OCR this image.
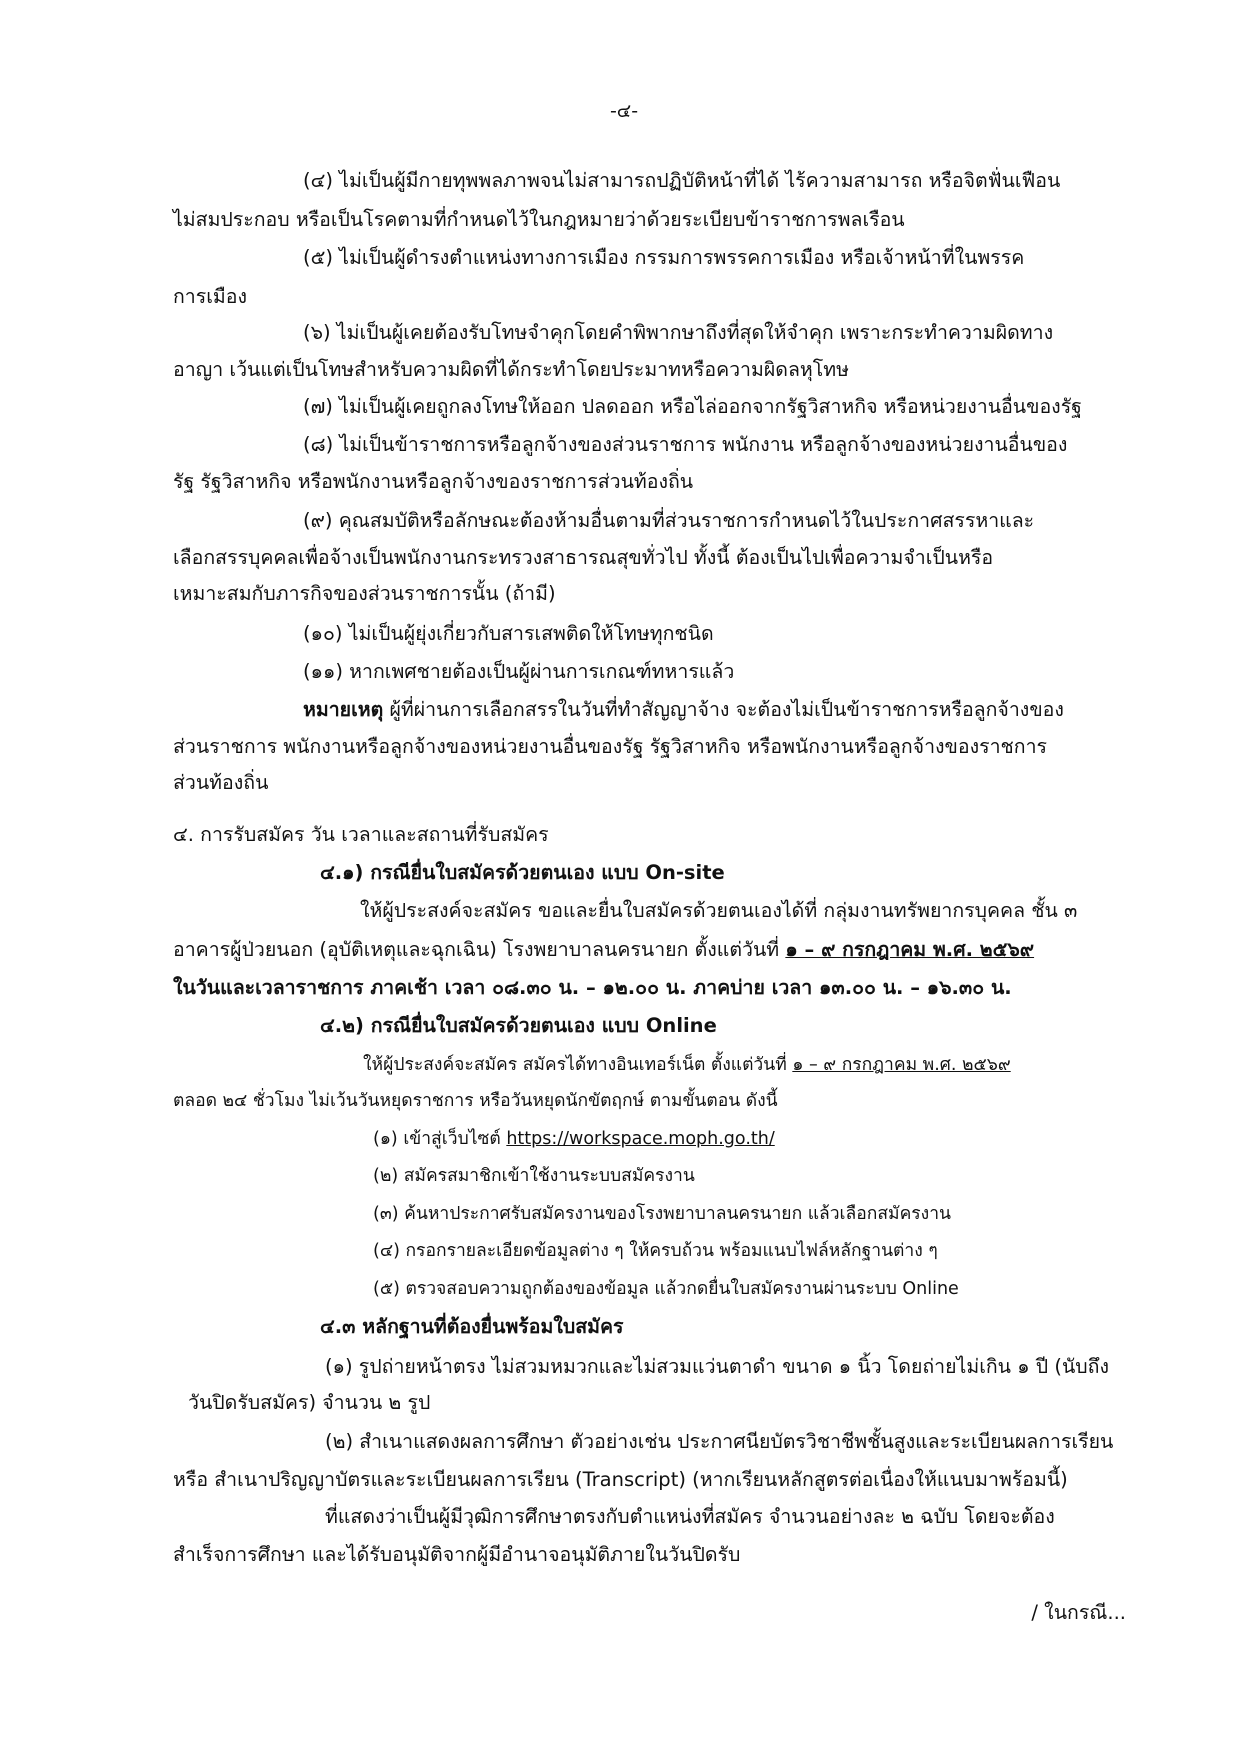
-๔-
(๔) ไม่เป็นผู้มีกายทุพพลภาพจนไม่สามารถปฏิบัติหน้าที่ได้ ไร้ความสามารถ หรือจิตฟั่นเฟือน
ไม่สมประกอบ หรือเป็นโรคตามที่กำหนดไว้ในกฎหมายว่าด้วยระเบียบข้าราชการพลเรือน
(๕) ไม่เป็นผู้ดำรงตำแหน่งทางการเมือง กรรมการพรรคการเมือง หรือเจ้าหน้าที่ในพรรค
การเมือง
(๖) ไม่เป็นผู้เคยต้องรับโทษจำคุกโดยคำพิพากษาถึงที่สุดให้จำคุก เพราะกระทำความผิดทาง
อาญา เว้นแต่เป็นโทษสำหรับความผิดที่ได้กระทำโดยประมาทหรือความผิดลหุโทษ
(๗) ไม่เป็นผู้เคยถูกลงโทษให้ออก ปลดออก หรือไล่ออกจากรัฐวิสาหกิจ หรือหน่วยงานอื่นของรัฐ
(๘) ไม่เป็นข้าราชการหรือลูกจ้างของส่วนราชการ พนักงาน หรือลูกจ้างของหน่วยงานอื่นของ
รัฐ รัฐวิสาหกิจ หรือพนักงานหรือลูกจ้างของราชการส่วนท้องถิ่น
(๙) คุณสมบัติหรือลักษณะต้องห้ามอื่นตามที่ส่วนราชการกำหนดไว้ในประกาศสรรหาและ
เลือกสรรบุคคลเพื่อจ้างเป็นพนักงานกระทรวงสาธารณสุขทั่วไป ทั้งนี้ ต้องเป็นไปเพื่อความจำเป็นหรือ
เหมาะสมกับภารกิจของส่วนราชการนั้น (ถ้ามี)
(๑๐) ไม่เป็นผู้ยุ่งเกี่ยวกับสารเสพติดให้โทษทุกชนิด
(๑๑) หากเพศชายต้องเป็นผู้ผ่านการเกณฑ์ทหารแล้ว
หมายเหตุ ผู้ที่ผ่านการเลือกสรรในวันที่ทำสัญญาจ้าง จะต้องไม่เป็นข้าราชการหรือลูกจ้างของ
ส่วนราชการ พนักงานหรือลูกจ้างของหน่วยงานอื่นของรัฐ รัฐวิสาหกิจ หรือพนักงานหรือลูกจ้างของราชการ
ส่วนท้องถิ่น
๔. การรับสมัคร วัน เวลาและสถานที่รับสมัคร
๔.๑) กรณียื่นใบสมัครด้วยตนเอง แบบ On-site
ให้ผู้ประสงค์จะสมัคร ขอและยื่นใบสมัครด้วยตนเองได้ที่ กลุ่มงานทรัพยากรบุคคล ชั้น ๓
อาคารผู้ป่วยนอก (อุบัติเหตุและฉุกเฉิน) โรงพยาบาลนครนายก ตั้งแต่วันที่ ๑ – ๙ กรกฎาคม พ.ศ. ๒๕๖๙
ในวันและเวลาราชการ ภาคเช้า เวลา ๐๘.๓๐ น. – ๑๒.๐๐ น. ภาคบ่าย เวลา ๑๓.๐๐ น. – ๑๖.๓๐ น.
๔.๒) กรณียื่นใบสมัครด้วยตนเอง แบบ Online
ให้ผู้ประสงค์จะสมัคร สมัครได้ทางอินเทอร์เน็ต ตั้งแต่วันที่ ๑ – ๙ กรกฎาคม พ.ศ. ๒๕๖๙
ตลอด ๒๔ ชั่วโมง ไม่เว้นวันหยุดราชการ หรือวันหยุดนักขัตฤกษ์ ตามขั้นตอน ดังนี้
(๑) เข้าสู่เว็บไซต์ https://workspace.moph.go.th/
(๒) สมัครสมาชิกเข้าใช้งานระบบสมัครงาน
(๓) ค้นหาประกาศรับสมัครงานของโรงพยาบาลนครนายก แล้วเลือกสมัครงาน
(๔) กรอกรายละเอียดข้อมูลต่าง ๆ ให้ครบถ้วน พร้อมแนบไฟล์หลักฐานต่าง ๆ
(๕) ตรวจสอบความถูกต้องของข้อมูล แล้วกดยื่นใบสมัครงานผ่านระบบ Online
๔.๓ หลักฐานที่ต้องยื่นพร้อมใบสมัคร
(๑) รูปถ่ายหน้าตรง ไม่สวมหมวกและไม่สวมแว่นตาดำ ขนาด ๑ นิ้ว โดยถ่ายไม่เกิน ๑ ปี (นับถึง
วันปิดรับสมัคร) จำนวน ๒ รูป
(๒) สำเนาแสดงผลการศึกษา ตัวอย่างเช่น ประกาศนียบัตรวิชาชีพชั้นสูงและระเบียนผลการเรียน
หรือ สำเนาปริญญาบัตรและระเบียนผลการเรียน (Transcript) (หากเรียนหลักสูตรต่อเนื่องให้แนบมาพร้อมนี้)
ที่แสดงว่าเป็นผู้มีวุฒิการศึกษาตรงกับตำแหน่งที่สมัคร จำนวนอย่างละ ๒ ฉบับ โดยจะต้อง
สำเร็จการศึกษา และได้รับอนุมัติจากผู้มีอำนาจอนุมัติภายในวันปิดรับ
/ ในกรณี...
